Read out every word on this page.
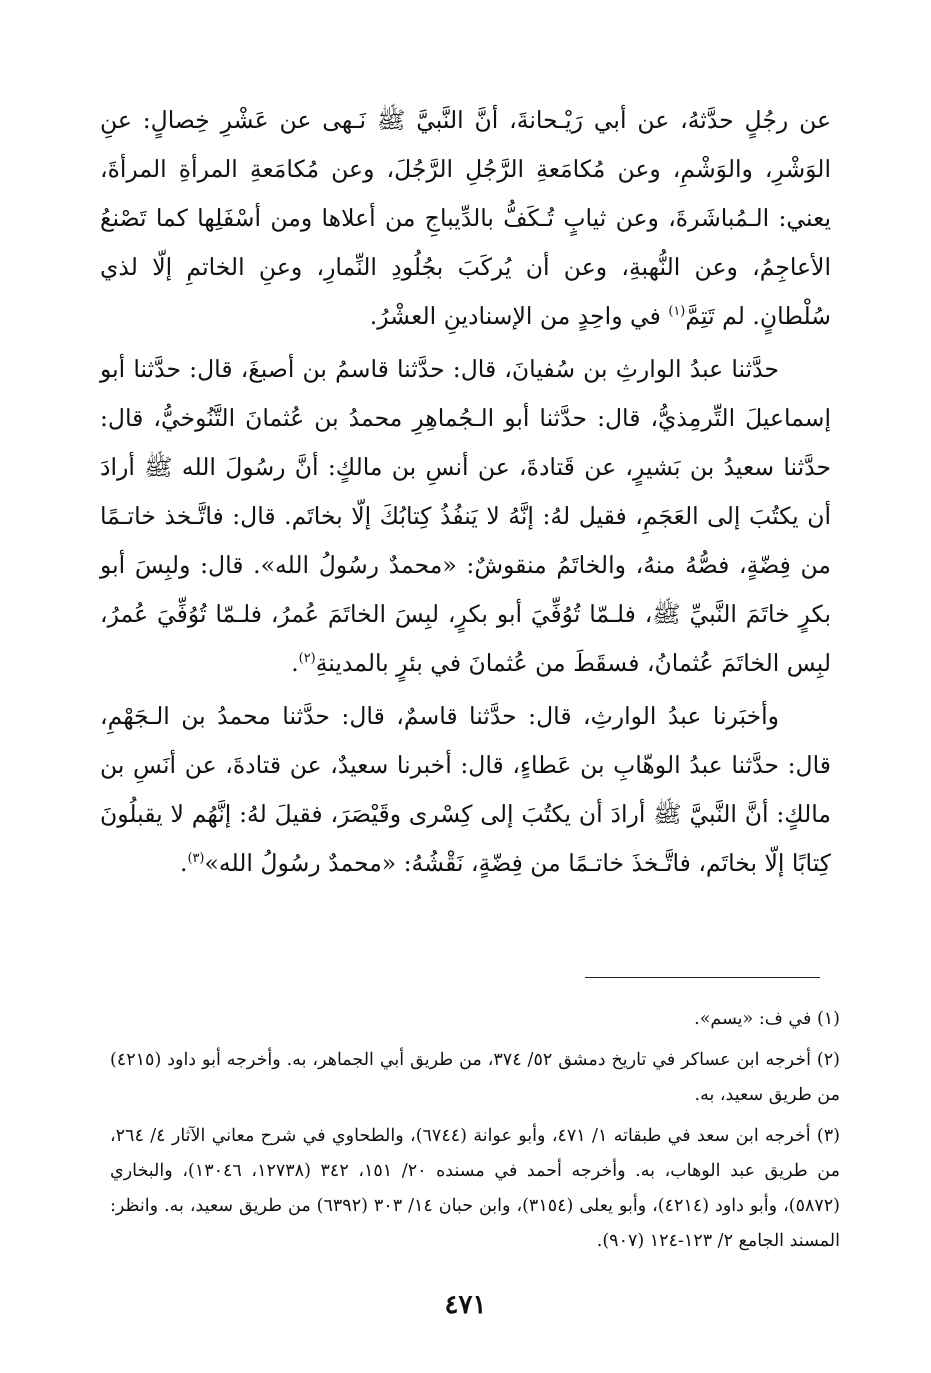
عن رجُلٍ حدَّثهُ، عن أبي رَيْـحانةَ، أنَّ النَّبيَّ ﷺ نَـهى عن عَشْرِ خِصالٍ: عنِ الوَشْرِ، والوَشْمِ، وعن مُكامَعةِ الرَّجُلِ الرَّجُلَ، وعن مُكامَعةِ المرأةِ المرأةَ، يعني: الـمُباشَرةَ، وعن ثيابٍ تُـكَفُّ بالدِّيباجِ من أعلاها ومن أسْفَلِها كما تَصْنعُ الأعاجِمُ، وعن النُّهبةِ، وعن أن يُركَبَ بجُلُودِ النِّمارِ، وعنِ الخاتمِ إلّا لذي سُلْطانٍ. لم تَتِمَّ$^{(١)}$ في واحِدٍ من الإسنادينِ العشْرُ.

حدَّثنا عبدُ الوارثِ بن سُفيانَ، قال: حدَّثنا قاسمُ بن أصبغَ، قال: حدَّثنا أبو إسماعيلَ التِّرمِذيُّ، قال: حدَّثنا أبو الـجُماهِرِ محمدُ بن عُثمانَ التَّنُوخيُّ، قال: حدَّثنا سعيدُ بن بَشيرٍ، عن قَتادةَ، عن أنسِ بن مالكٍ: أنَّ رسُولَ الله ﷺ أرادَ أن يكتُبَ إلى العَجَمِ، فقيل لهُ: إنَّهُ لا يَنفُذُ كِتابُكَ إلّا بخاتَم. قال: فاتَّـخذ خاتـمًا من فِضّةٍ، فصُّهُ منهُ، والخاتَمُ منقوشٌ: «محمدٌ رسُولُ الله». قال: ولبِسَ أبو بكرٍ خاتَمَ النَّبيِّ ﷺ، فلـمّا تُوُفِّيَ أبو بكرٍ، لبِسَ الخاتَمَ عُمرُ، فلـمّا تُوُفِّيَ عُمرُ، لبِس الخاتَمَ عُثمانُ، فسقَطَ من عُثمانَ في بئرٍ بالمدينةِ$^{(٢)}$.

وأخبَرنا عبدُ الوارثِ، قال: حدَّثنا قاسمٌ، قال: حدَّثنا محمدُ بن الـجَهْمِ، قال: حدَّثنا عبدُ الوهّابِ بن عَطاءٍ، قال: أخبرنا سعيدٌ، عن قتادةَ، عن أنَسِ بن مالكٍ: أنَّ النَّبيَّ ﷺ أرادَ أن يكتُبَ إلى كِسْرى وقَيْصَرَ، فقيلَ لهُ: إنَّهُم لا يقبلُونَ كِتابًا إلّا بخاتَم، فاتَّـخذَ خاتـمًا من فِضّةٍ، نَقْشُهُ: «محمدٌ رسُولُ الله»$^{(٣)}$.

(١) في ف: «يسم».

(٢) أخرجه ابن عساكر في تاريخ دمشق ٥٢/ ٣٧٤، من طريق أبي الجماهر، به. وأخرجه أبو داود (٤٢١٥) من طريق سعيد، به.

(٣) أخرجه ابن سعد في طبقاته ١/ ٤٧١، وأبو عوانة (٦٧٤٤)، والطحاوي في شرح معاني الآثار ٤/ ٢٦٤، من طريق عبد الوهاب، به. وأخرجه أحمد في مسنده ٢٠/ ١٥١، ٣٤٢ (١٢٧٣٨، ١٣٠٤٦)، والبخاري (٥٨٧٢)، وأبو داود (٤٢١٤)، وأبو يعلى (٣١٥٤)، وابن حبان ١٤/ ٣٠٣ (٦٣٩٢) من طريق سعيد، به. وانظر: المسند الجامع ٢/ ١٢٣-١٢٤ (٩٠٧).

٤٧١
